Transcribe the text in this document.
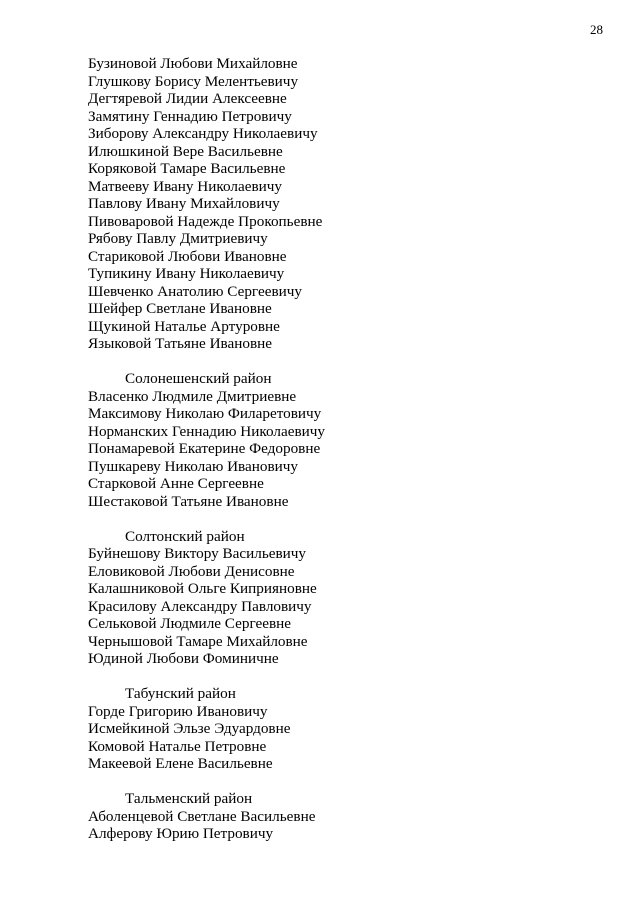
28
Бузиновой Любови Михайловне
Глушкову Борису Мелентьевичу
Дегтяревой Лидии Алексеевне
Замятину Геннадию Петровичу
Зиборову Александру Николаевичу
Илюшкиной Вере Васильевне
Коряковой Тамаре Васильевне
Матвееву Ивану Николаевичу
Павлову Ивану Михайловичу
Пивоваровой Надежде Прокопьевне
Рябову Павлу Дмитриевичу
Стариковой Любови Ивановне
Тупикину Ивану Николаевичу
Шевченко Анатолию Сергеевичу
Шейфер Светлане Ивановне
Щукиной Наталье Артуровне
Языковой Татьяне Ивановне
Солонешенский район
Власенко Людмиле Дмитриевне
Максимову Николаю Филаретовичу
Норманских Геннадию Николаевичу
Понамаревой Екатерине Федоровне
Пушкареву Николаю Ивановичу
Старковой Анне Сергеевне
Шестаковой Татьяне Ивановне
Солтонский район
Буйнешову Виктору Васильевичу
Еловиковой Любови Денисовне
Калашниковой Ольге Киприяновне
Красилову Александру Павловичу
Сельковой Людмиле Сергеевне
Чернышовой Тамаре Михайловне
Юдиной Любови Фоминичне
Табунский район
Горде Григорию Ивановичу
Исмейкиной Эльзе Эдуардовне
Комовой Наталье Петровне
Макеевой Елене Васильевне
Тальменский район
Аболенцевой Светлане Васильевне
Алферову Юрию Петровичу
